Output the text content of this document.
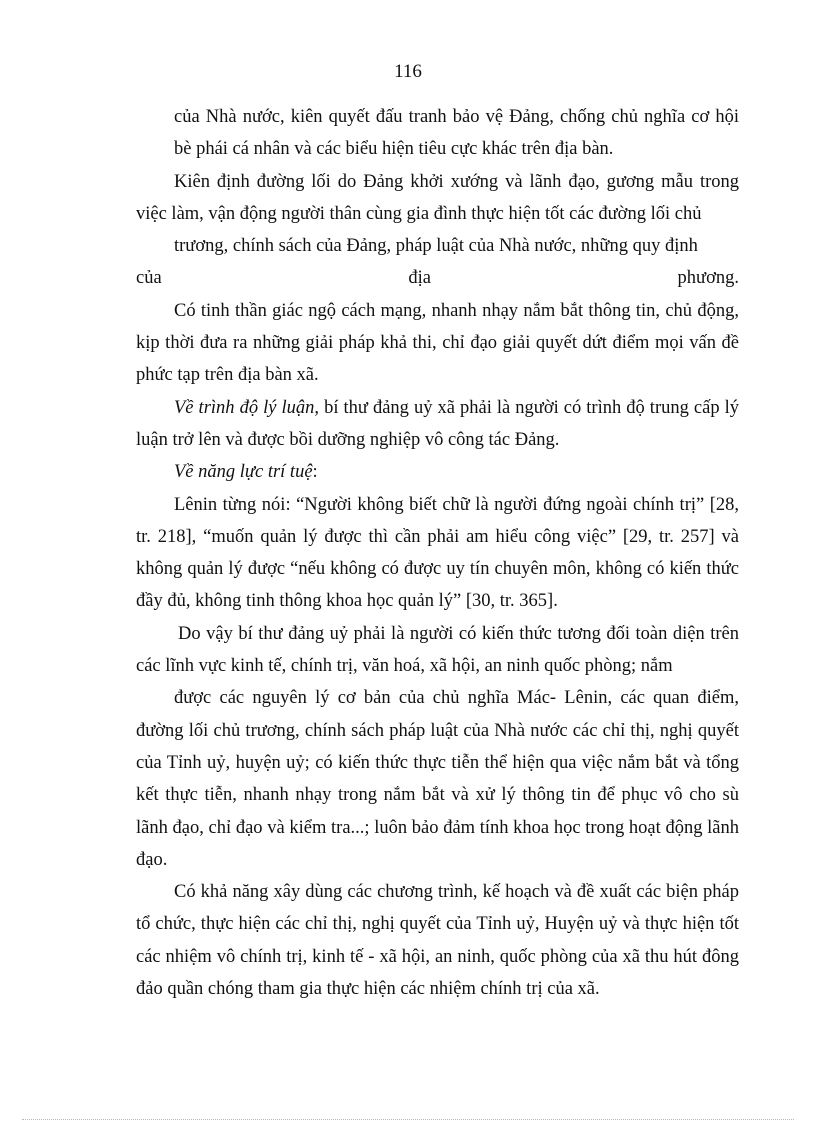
116

của Nhà nước, kiên quyết đấu tranh bảo vệ Đảng, chống chủ nghĩa cơ hội bè phái cá nhân và các biểu hiện tiêu cực khác trên địa bàn.

Kiên định đường lối do Đảng khởi xướng và lãnh đạo, gương mẫu trong việc làm, vận động người thân cùng gia đình thực hiện tốt các đường lối chủ

trương, chính sách của Đảng, pháp luật của Nhà nước, những quy định

của	địa	phương.

Có tinh thần giác ngộ cách mạng, nhanh nhạy nắm bắt thông tin, chủ động, kịp thời đưa ra những giải pháp khả thi, chỉ đạo giải quyết dứt điểm mọi vấn đề phức tạp trên địa bàn xã.

Về trình độ lý luận, bí thư đảng uỷ xã phải là người có trình độ trung cấp lý luận trở lên và được bồi dưỡng nghiệp vô công tác Đảng.

Về năng lực trí tuệ:

Lênin từng nói: “Người không biết chữ là người đứng ngoài chính trị” [28, tr. 218], “muốn quản lý được thì cần phải am hiểu công việc” [29, tr. 257] và không quản lý được “nếu không có được uy tín chuyên môn, không có kiến thức đầy đủ, không tinh thông khoa học quản lý” [30, tr. 365].

Do vậy bí thư đảng uỷ phải là người có kiến thức tương đối toàn diện trên các lĩnh vực kinh tế, chính trị, văn hoá, xã hội, an ninh quốc phòng; nắm

được các nguyên lý cơ bản của chủ nghĩa Mác- Lênin, các quan điểm, đường lối chủ trương, chính sách pháp luật của Nhà nước các chỉ thị, nghị quyết của Tỉnh uỷ, huyện uỷ; có kiến thức thực tiễn thể hiện qua việc nắm bắt và tổng kết thực tiễn, nhanh nhạy trong nắm bắt và xử lý thông tin để phục vô cho sù lãnh đạo, chỉ đạo và kiểm tra...; luôn bảo đảm tính khoa học trong hoạt động lãnh đạo.

Có khả năng xây dùng các chương trình, kế hoạch và đề xuất các biện pháp tổ chức, thực hiện các chỉ thị, nghị quyết của Tỉnh uỷ, Huyện uỷ và thực hiện tốt các nhiệm vô chính trị, kinh tế - xã hội, an ninh, quốc phòng của xã thu hút đông đảo quần chóng tham gia thực hiện các nhiệm chính trị của xã.
